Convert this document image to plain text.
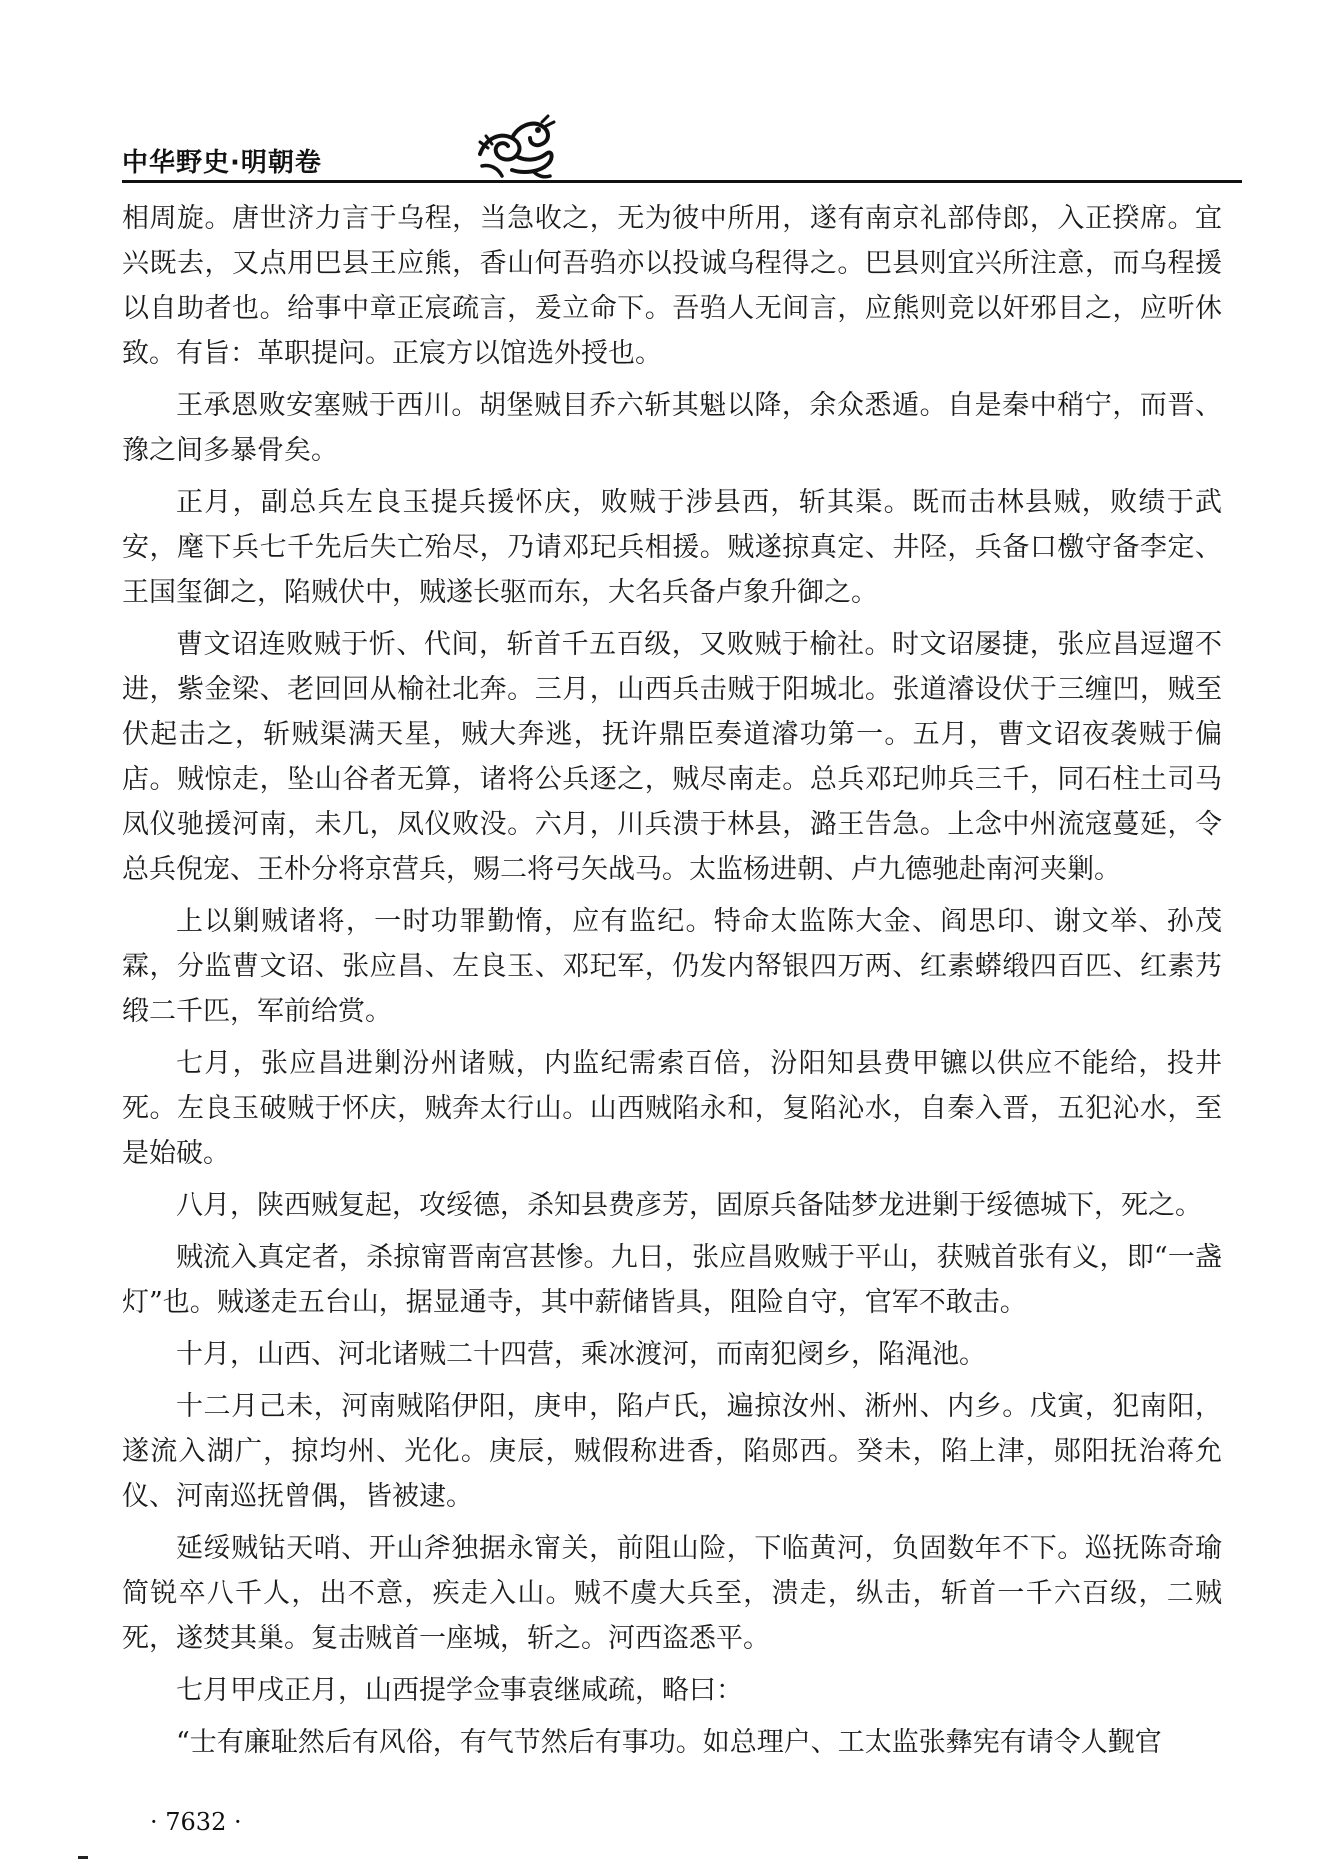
中华野史·明朝卷

相周旋。唐世济力言于乌程，当急收之，无为彼中所用，遂有南京礼部侍郎，入正揆席。宜兴既去，又点用巴县王应熊，香山何吾驺亦以投诚乌程得之。巴县则宜兴所注意，而乌程援以自助者也。给事中章正宸疏言，爰立命下。吾驺人无间言，应熊则竞以奸邪目之，应听休致。有旨：革职提问。正宸方以馆选外授也。

王承恩败安塞贼于西川。胡堡贼目乔六斩其魁以降，余众悉遁。自是秦中稍宁，而晋、豫之间多暴骨矣。

正月，副总兵左良玉提兵援怀庆，败贼于涉县西，斩其渠。既而击林县贼，败绩于武安，麾下兵七千先后失亡殆尽，乃请邓玘兵相援。贼遂掠真定、井陉，兵备口檄守备李定、王国玺御之，陷贼伏中，贼遂长驱而东，大名兵备卢象升御之。

曹文诏连败贼于忻、代间，斩首千五百级，又败贼于榆社。时文诏屡捷，张应昌逗遛不进，紫金梁、老回回从榆社北奔。三月，山西兵击贼于阳城北。张道濬设伏于三缠凹，贼至伏起击之，斩贼渠满天星，贼大奔逃，抚许鼎臣奏道濬功第一。五月，曹文诏夜袭贼于偏店。贼惊走，坠山谷者无算，诸将公兵逐之，贼尽南走。总兵邓玘帅兵三千，同石柱土司马凤仪驰援河南，未几，凤仪败没。六月，川兵溃于林县，潞王告急。上念中州流寇蔓延，令总兵倪宠、王朴分将京营兵，赐二将弓矢战马。太监杨进朝、卢九德驰赴南河夹剿。

上以剿贼诸将，一时功罪勤惰，应有监纪。特命太监陈大金、阎思印、谢文举、孙茂霖，分监曹文诏、张应昌、左良玉、邓玘军，仍发内帑银四万两、红素蟒缎四百匹、红素艿缎二千匹，军前给赏。

七月，张应昌进剿汾州诸贼，内监纪需索百倍，汾阳知县费甲镳以供应不能给，投井死。左良玉破贼于怀庆，贼奔太行山。山西贼陷永和，复陷沁水，自秦入晋，五犯沁水，至是始破。

八月，陕西贼复起，攻绥德，杀知县费彦芳，固原兵备陆梦龙进剿于绥德城下，死之。

贼流入真定者，杀掠甯晋南宫甚惨。九日，张应昌败贼于平山，获贼首张有义，即“一盏灯”也。贼遂走五台山，据显通寺，其中薪储皆具，阻险自守，官军不敢击。

十月，山西、河北诸贼二十四营，乘冰渡河，而南犯阌乡，陷渑池。

十二月己未，河南贼陷伊阳，庚申，陷卢氏，遍掠汝州、淅州、内乡。戊寅，犯南阳，遂流入湖广，掠均州、光化。庚辰，贼假称进香，陷郧西。癸未，陷上津，郧阳抚治蒋允仪、河南巡抚曾偶，皆被逮。

延绥贼钻天哨、开山斧独据永甯关，前阻山险，下临黄河，负固数年不下。巡抚陈奇瑜简锐卒八千人，出不意，疾走入山。贼不虞大兵至，溃走，纵击，斩首一千六百级，二贼死，遂焚其巢。复击贼首一座城，斩之。河西盗悉平。

七月甲戌正月，山西提学佥事袁继咸疏，略曰：

“士有廉耻然后有风俗，有气节然后有事功。如总理户、工太监张彝宪有请令人觐官

· 7632 ·
